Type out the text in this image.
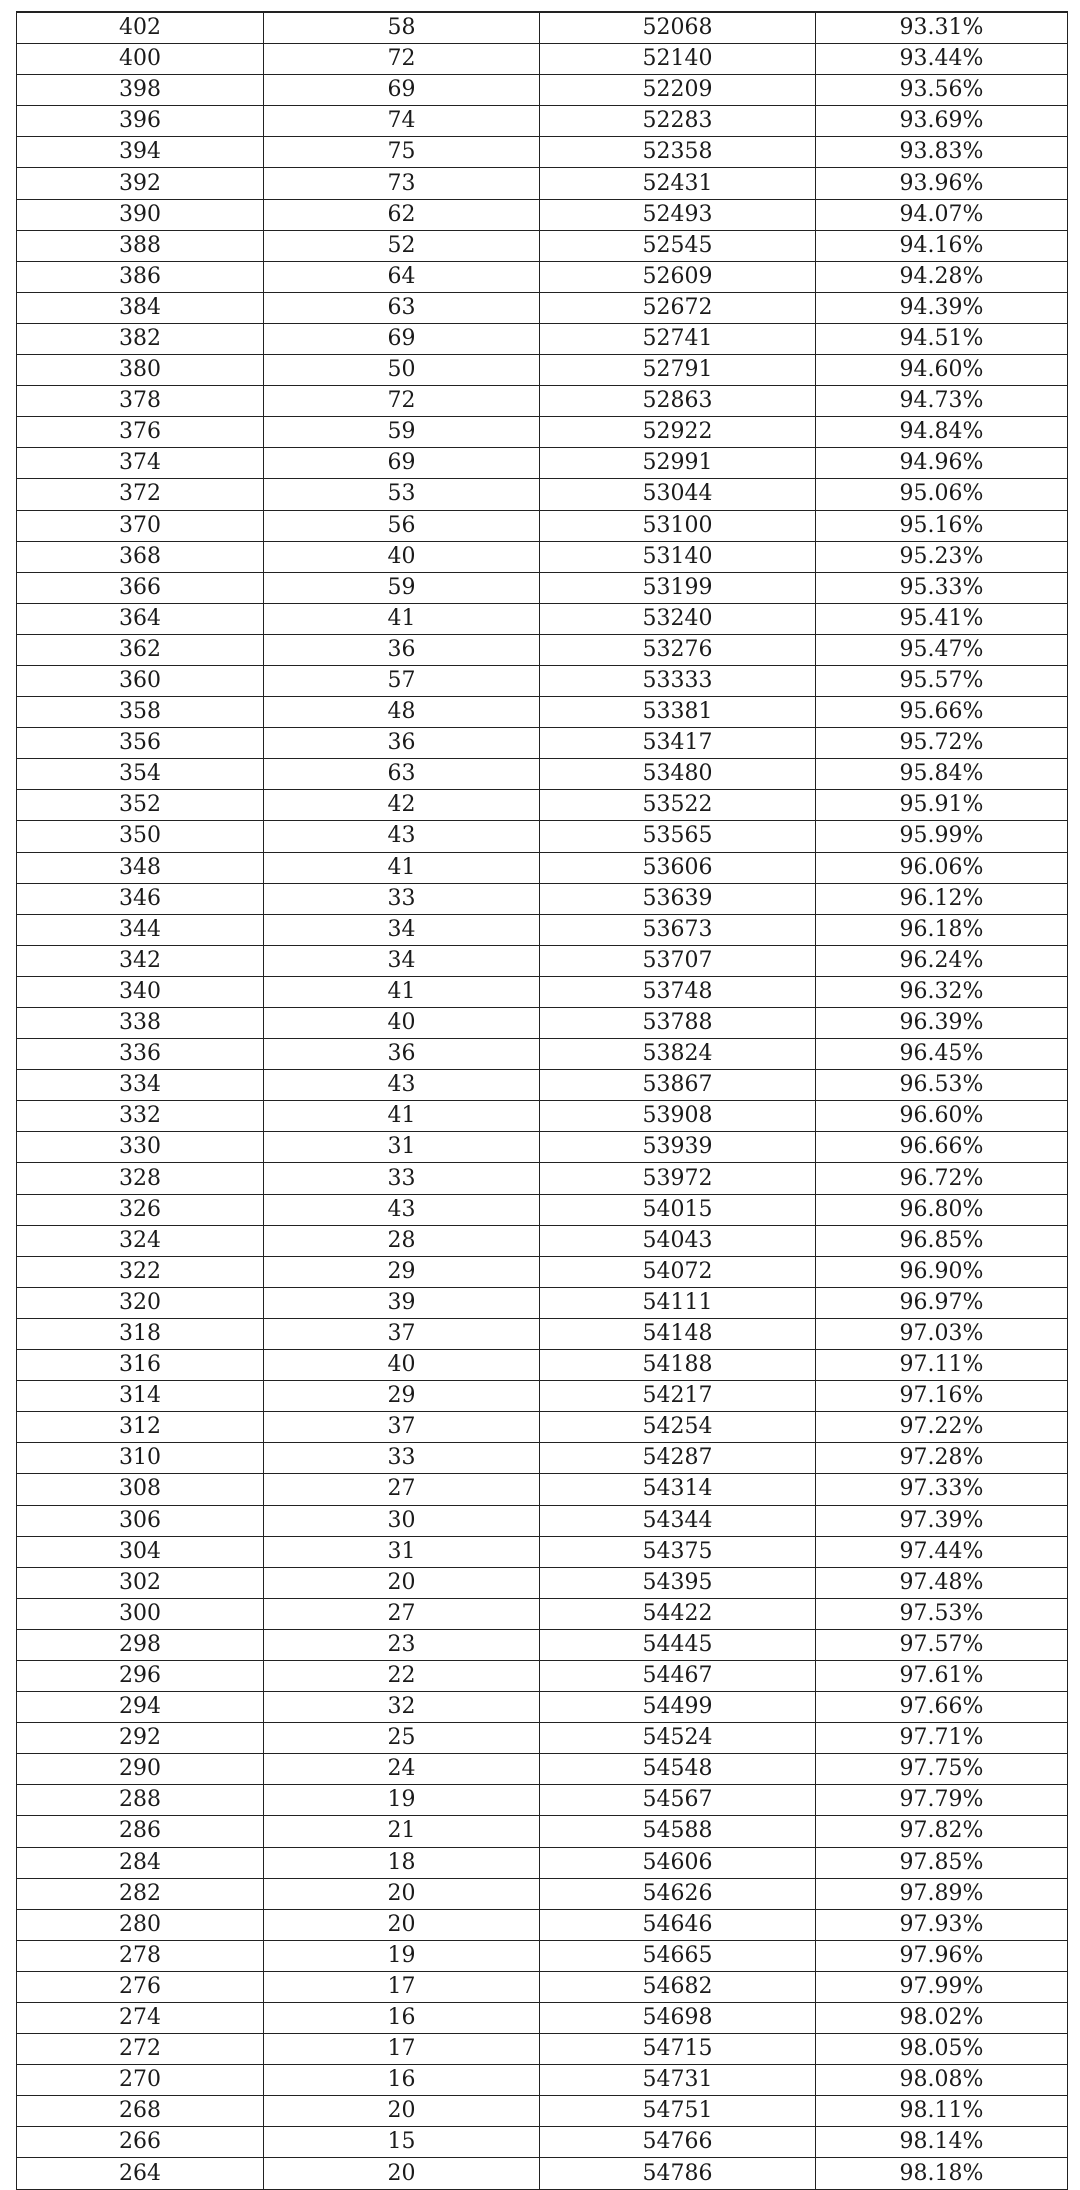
402	58	52068	93.31%
400	72	52140	93.44%
398	69	52209	93.56%
396	74	52283	93.69%
394	75	52358	93.83%
392	73	52431	93.96%
390	62	52493	94.07%
388	52	52545	94.16%
386	64	52609	94.28%
384	63	52672	94.39%
382	69	52741	94.51%
380	50	52791	94.60%
378	72	52863	94.73%
376	59	52922	94.84%
374	69	52991	94.96%
372	53	53044	95.06%
370	56	53100	95.16%
368	40	53140	95.23%
366	59	53199	95.33%
364	41	53240	95.41%
362	36	53276	95.47%
360	57	53333	95.57%
358	48	53381	95.66%
356	36	53417	95.72%
354	63	53480	95.84%
352	42	53522	95.91%
350	43	53565	95.99%
348	41	53606	96.06%
346	33	53639	96.12%
344	34	53673	96.18%
342	34	53707	96.24%
340	41	53748	96.32%
338	40	53788	96.39%
336	36	53824	96.45%
334	43	53867	96.53%
332	41	53908	96.60%
330	31	53939	96.66%
328	33	53972	96.72%
326	43	54015	96.80%
324	28	54043	96.85%
322	29	54072	96.90%
320	39	54111	96.97%
318	37	54148	97.03%
316	40	54188	97.11%
314	29	54217	97.16%
312	37	54254	97.22%
310	33	54287	97.28%
308	27	54314	97.33%
306	30	54344	97.39%
304	31	54375	97.44%
302	20	54395	97.48%
300	27	54422	97.53%
298	23	54445	97.57%
296	22	54467	97.61%
294	32	54499	97.66%
292	25	54524	97.71%
290	24	54548	97.75%
288	19	54567	97.79%
286	21	54588	97.82%
284	18	54606	97.85%
282	20	54626	97.89%
280	20	54646	97.93%
278	19	54665	97.96%
276	17	54682	97.99%
274	16	54698	98.02%
272	17	54715	98.05%
270	16	54731	98.08%
268	20	54751	98.11%
266	15	54766	98.14%
264	20	54786	98.18%
